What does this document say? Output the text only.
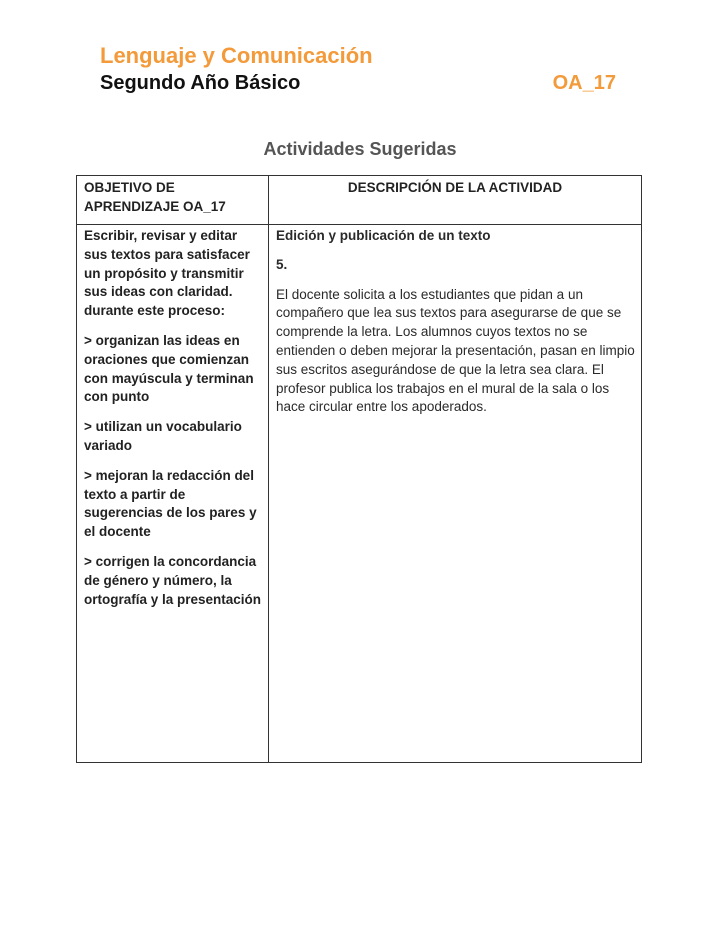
Lenguaje y Comunicación
Segundo Año Básico	OA_17
Actividades Sugeridas
OBJETIVO DE APRENDIZAJE OA_17
DESCRIPCIÓN DE LA ACTIVIDAD

Escribir, revisar y editar sus textos para satisfacer un propósito y transmitir sus ideas con claridad. durante este proceso:

> organizan las ideas en oraciones que comienzan con mayúscula y terminan con punto

> utilizan un vocabulario variado

> mejoran la redacción del texto a partir de sugerencias de los pares y el docente

> corrigen la concordancia de género y número, la ortografía y la presentación

Edición y publicación de un texto
5.
El docente solicita a los estudiantes que pidan a un compañero que lea sus textos para asegurarse de que se comprende la letra. Los alumnos cuyos textos no se entienden o deben mejorar la presentación, pasan en limpio sus escritos asegurándose de que la letra sea clara. El profesor publica los trabajos en el mural de la sala o los hace circular entre los apoderados.
